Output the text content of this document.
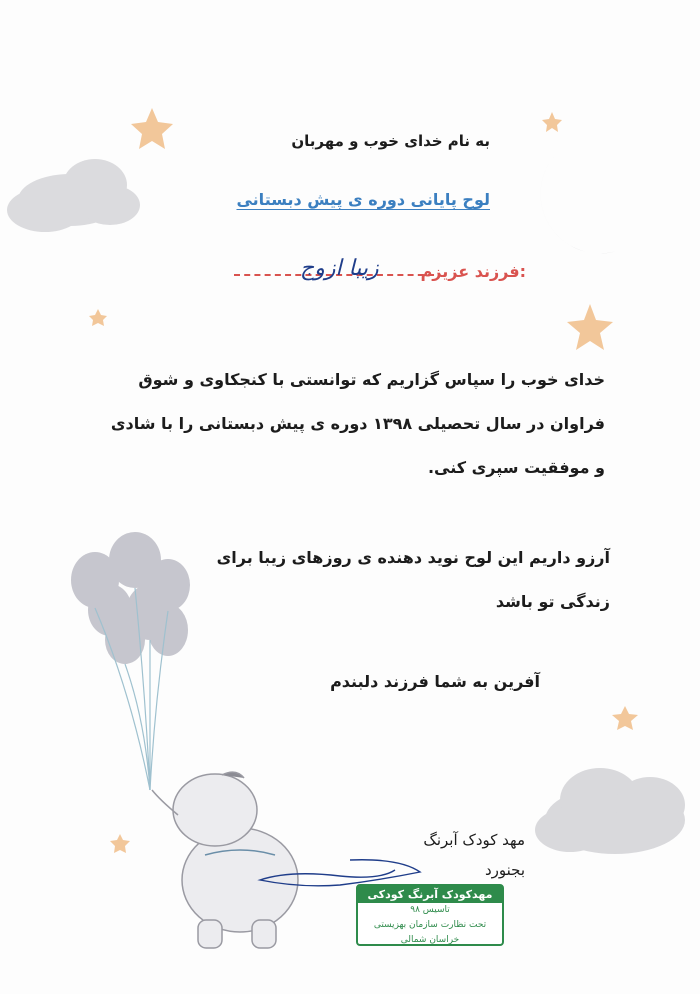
به نام خدای خوب و مهربان
لوح پایانی دوره ی پیش دبستانی
زیبا ازوج	فرزند عزیزم:
خدای خوب را سپاس گزاریم که توانستی با کنجکاوی و شوق فراوان در سال تحصیلی ۱۳۹۸ دوره ی پیش دبستانی را با شادی و موفقیت سپری کنی.
آرزو داریم این لوح نوید دهنده ی روزهای زیبا برای زندگی تو باشد
آفرین به شما فرزند دلبندم
مهد کودک آبرنگ
بجنورد
مهدکودک آبرنگ کودکی
تاسیس ۹۸
تحت نظارت سازمان بهزیستی خراسان شمالی
